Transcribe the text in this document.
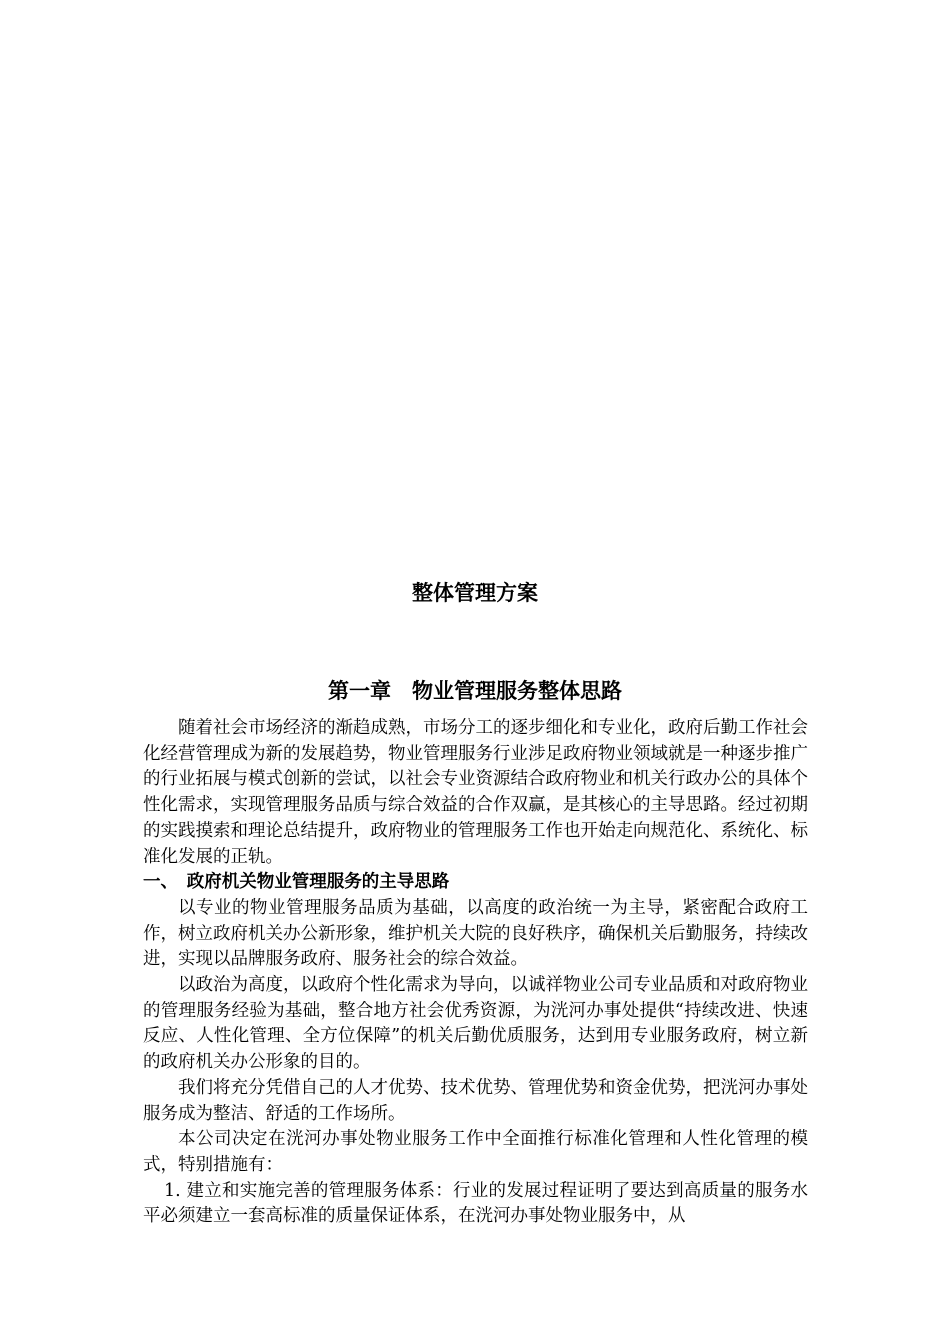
整体管理方案
第一章　物业管理服务整体思路

随着社会市场经济的渐趋成熟，市场分工的逐步细化和专业化，政府后勤工作社会化经营管理成为新的发展趋势，物业管理服务行业涉足政府物业领域就是一种逐步推广的行业拓展与模式创新的尝试，以社会专业资源结合政府物业和机关行政办公的具体个性化需求，实现管理服务品质与综合效益的合作双赢，是其核心的主导思路。经过初期的实践摸索和理论总结提升，政府物业的管理服务工作也开始走向规范化、系统化、标准化发展的正轨。

一、　政府机关物业管理服务的主导思路

以专业的物业管理服务品质为基础，以高度的政治统一为主导，紧密配合政府工作，树立政府机关办公新形象，维护机关大院的良好秩序，确保机关后勤服务，持续改进，实现以品牌服务政府、服务社会的综合效益。

以政治为高度，以政府个性化需求为导向，以诚祥物业公司专业品质和对政府物业的管理服务经验为基础，整合地方社会优秀资源，为洸河办事处提供“持续改进、快速反应、人性化管理、全方位保障”的机关后勤优质服务，达到用专业服务政府，树立新的政府机关办公形象的目的。

我们将充分凭借自己的人才优势、技术优势、管理优势和资金优势，把洸河办事处服务成为整洁、舒适的工作场所。

本公司决定在洸河办事处物业服务工作中全面推行标准化管理和人性化管理的模式，特别措施有：

1. 建立和实施完善的管理服务体系：行业的发展过程证明了要达到高质量的服务水平必须建立一套高标准的质量保证体系，在洸河办事处物业服务中，从
